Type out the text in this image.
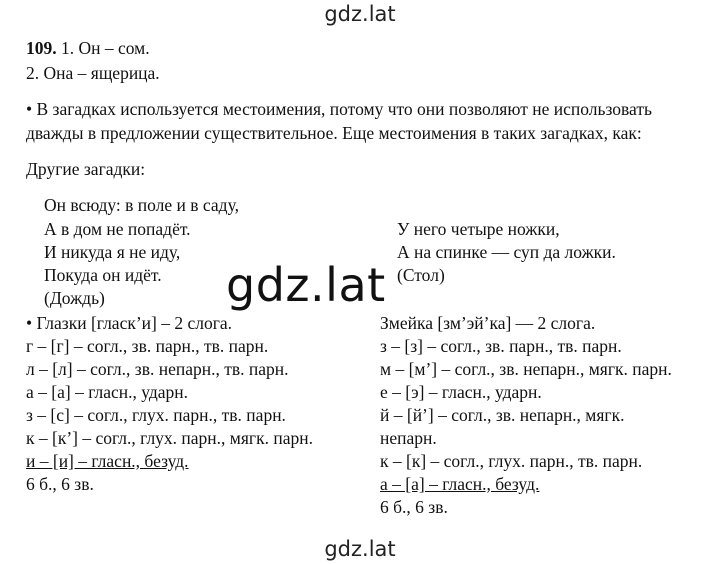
gdz.lat
gdz.lat
gdz.lat
109. 1. Он – сом.
2. Она – ящерица.
• В загадках используется местоимения, потому что они позволяют не использовать
дважды в предложении существительное. Еще местоимения в таких загадках, как:
Другие загадки:
Он всюду: в поле и в саду,
А в дом не попадёт.
И никуда я не иду,
Покуда он идёт.
(Дождь)
У него четыре ножки,
А на спинке — суп да ложки.
(Стол)
• Глазки [гласк’и] – 2 слога.
г – [г] – согл., зв. парн., тв. парн.
л – [л] – согл., зв. непарн., тв. парн.
а – [а] – гласн., ударн.
з – [с] – согл., глух. парн., тв. парн.
к – [к’] – согл., глух. парн., мягк. парн.
и – [и] – гласн., безуд.
6 б., 6 зв.
Змейка [зм’эй’ка] — 2 слога.
з – [з] – согл., зв. парн., тв. парн.
м – [м’] – согл., зв. непарн., мягк. парн.
е – [э] – гласн., ударн.
й – [й’] – согл., зв. непарн., мягк.
непарн.
к – [к] – согл., глух. парн., тв. парн.
а – [а] – гласн., безуд.
6 б., 6 зв.
